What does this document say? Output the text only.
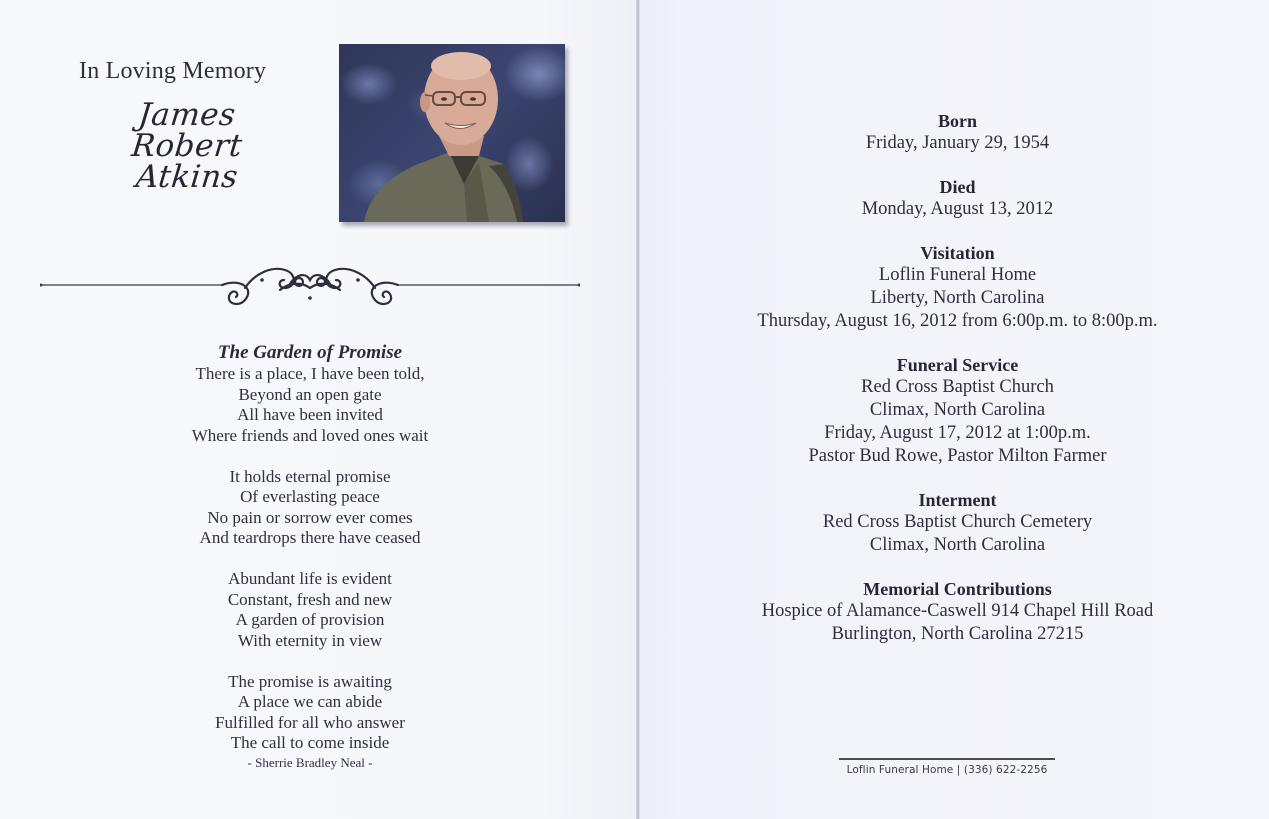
In Loving Memory
James
Robert
Atkins
The Garden of Promise
There is a place, I have been told,
Beyond an open gate
All have been invited
Where friends and loved ones wait
It holds eternal promise
Of everlasting peace
No pain or sorrow ever comes
And teardrops there have ceased
Abundant life is evident
Constant, fresh and new
A garden of provision
With eternity in view
The promise is awaiting
A place we can abide
Fulfilled for all who answer
The call to come inside
- Sherrie Bradley Neal -
Born
Friday, January 29, 1954
Died
Monday, August 13, 2012
Visitation
Loflin Funeral Home
Liberty, North Carolina
Thursday, August 16, 2012 from 6:00p.m. to 8:00p.m.
Funeral Service
Red Cross Baptist Church
Climax, North Carolina
Friday, August 17, 2012 at 1:00p.m.
Pastor Bud Rowe, Pastor Milton Farmer
Interment
Red Cross Baptist Church Cemetery
Climax, North Carolina
Memorial Contributions
Hospice of Alamance-Caswell 914 Chapel Hill Road
Burlington, North Carolina 27215
Loflin Funeral Home | (336) 622-2256
